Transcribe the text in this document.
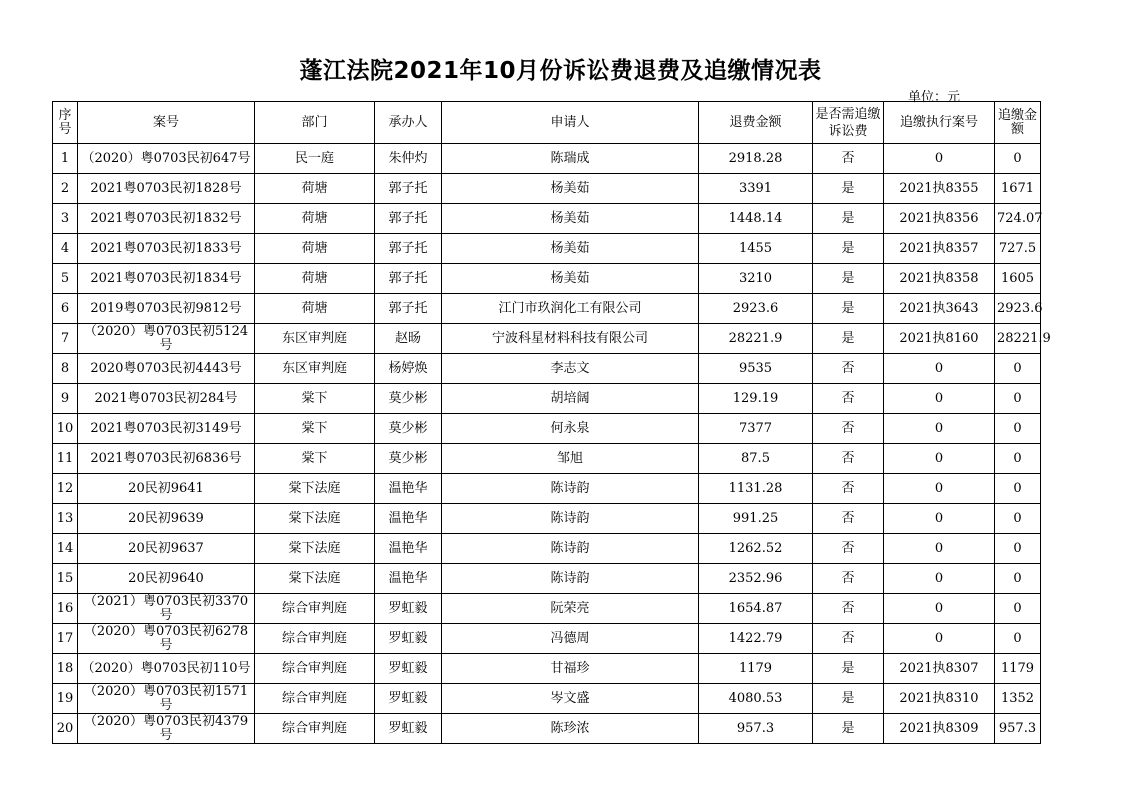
蓬江法院2021年10月份诉讼费退费及追缴情况表
单位：元
序号	案号	部门	承办人	申请人	退费金额	是否需追缴诉讼费	追缴执行案号	追缴金额
1	（2020）粤0703民初647号	民一庭	朱仲灼	陈瑞成	2918.28	否	0	0
2	2021粤0703民初1828号	荷塘	郭子托	杨美茹	3391	是	2021执8355	1671
3	2021粤0703民初1832号	荷塘	郭子托	杨美茹	1448.14	是	2021执8356	724.07
4	2021粤0703民初1833号	荷塘	郭子托	杨美茹	1455	是	2021执8357	727.5
5	2021粤0703民初1834号	荷塘	郭子托	杨美茹	3210	是	2021执8358	1605
6	2019粤0703民初9812号	荷塘	郭子托	江门市玖润化工有限公司	2923.6	是	2021执3643	2923.6
7	（2020）粤0703民初5124号	东区审判庭	赵旸	宁波科星材料科技有限公司	28221.9	是	2021执8160	28221.9
8	2020粤0703民初4443号	东区审判庭	杨婷焕	李志文	9535	否	0	0
9	2021粤0703民初284号	棠下	莫少彬	胡培阔	129.19	否	0	0
10	2021粤0703民初3149号	棠下	莫少彬	何永泉	7377	否	0	0
11	2021粤0703民初6836号	棠下	莫少彬	邹旭	87.5	否	0	0
12	20民初9641	棠下法庭	温艳华	陈诗韵	1131.28	否	0	0
13	20民初9639	棠下法庭	温艳华	陈诗韵	991.25	否	0	0
14	20民初9637	棠下法庭	温艳华	陈诗韵	1262.52	否	0	0
15	20民初9640	棠下法庭	温艳华	陈诗韵	2352.96	否	0	0
16	（2021）粤0703民初3370号	综合审判庭	罗虹毅	阮荣亮	1654.87	否	0	0
17	（2020）粤0703民初6278号	综合审判庭	罗虹毅	冯德周	1422.79	否	0	0
18	（2020）粤0703民初110号	综合审判庭	罗虹毅	甘福珍	1179	是	2021执8307	1179
19	（2020）粤0703民初1571号	综合审判庭	罗虹毅	岑文盛	4080.53	是	2021执8310	1352
20	（2020）粤0703民初4379号	综合审判庭	罗虹毅	陈珍浓	957.3	是	2021执8309	957.3
